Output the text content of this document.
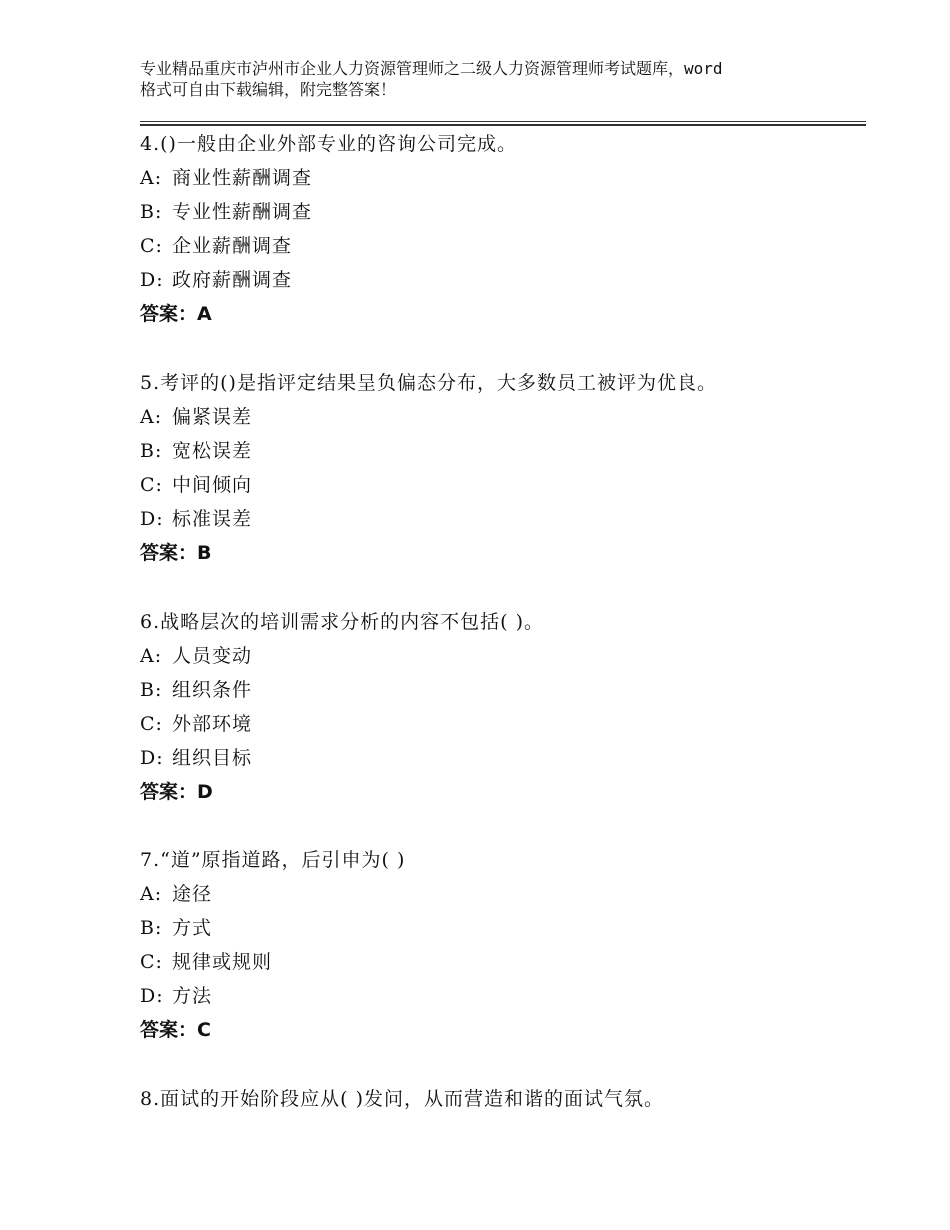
专业精品重庆市泸州市企业人力资源管理师之二级人力资源管理师考试题库，word
格式可自由下载编辑，附完整答案！
4.()一般由企业外部专业的咨询公司完成。
A: 商业性薪酬调查
B: 专业性薪酬调查
C: 企业薪酬调查
D: 政府薪酬调查
答案：A
5.考评的()是指评定结果呈负偏态分布，大多数员工被评为优良。
A: 偏紧误差
B: 宽松误差
C: 中间倾向
D: 标准误差
答案：B
6.战略层次的培训需求分析的内容不包括( )。
A: 人员变动
B: 组织条件
C: 外部环境
D: 组织目标
答案：D
7.“道”原指道路，后引申为( )
A: 途径
B: 方式
C: 规律或规则
D: 方法
答案：C
8.面试的开始阶段应从( )发问，从而营造和谐的面试气氛。
